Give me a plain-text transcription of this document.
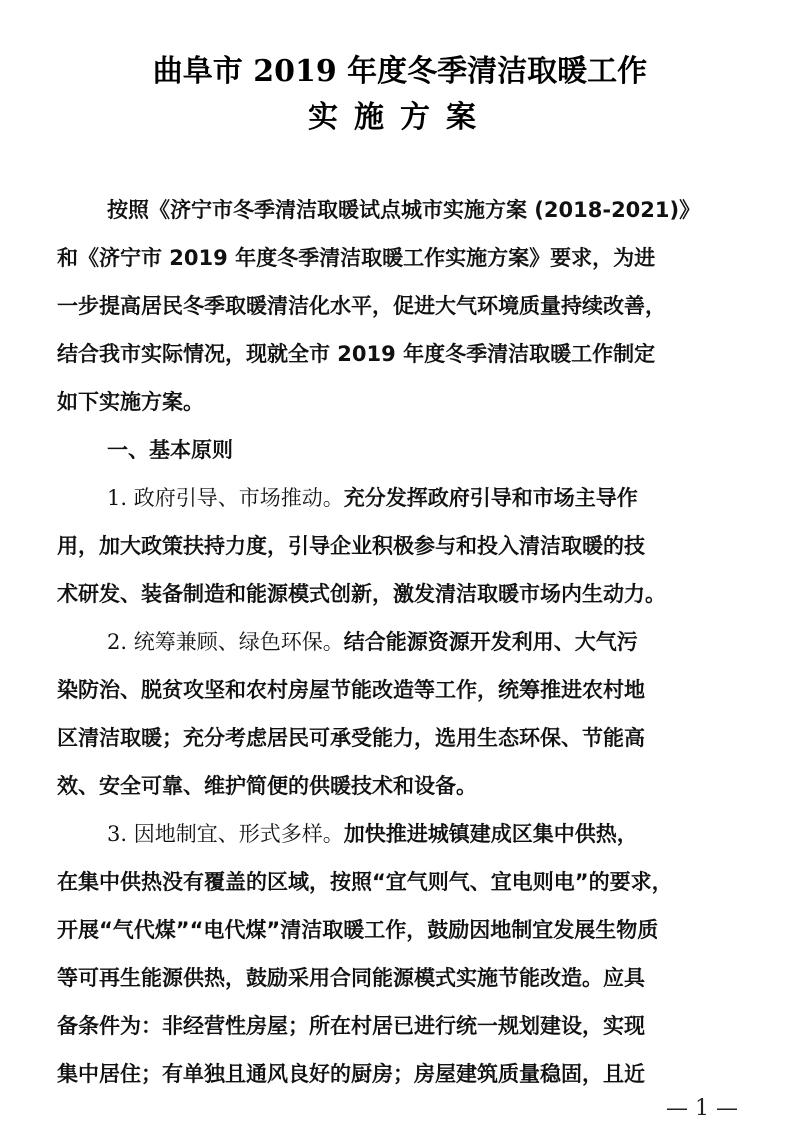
曲阜市 2019 年度冬季清洁取暖工作
实施方案
按照《济宁市冬季清洁取暖试点城市实施方案 (2018-2021)》
和《济宁市 2019 年度冬季清洁取暖工作实施方案》要求，为进
一步提高居民冬季取暖清洁化水平，促进大气环境质量持续改善，
结合我市实际情况，现就全市 2019 年度冬季清洁取暖工作制定
如下实施方案。
一、基本原则
1. 政府引导、市场推动。充分发挥政府引导和市场主导作
用，加大政策扶持力度，引导企业积极参与和投入清洁取暖的技
术研发、装备制造和能源模式创新，激发清洁取暖市场内生动力。
2. 统筹兼顾、绿色环保。结合能源资源开发利用、大气污
染防治、脱贫攻坚和农村房屋节能改造等工作，统筹推进农村地
区清洁取暖；充分考虑居民可承受能力，选用生态环保、节能高
效、安全可靠、维护简便的供暖技术和设备。
3. 因地制宜、形式多样。加快推进城镇建成区集中供热，
在集中供热没有覆盖的区域，按照“宜气则气、宜电则电”的要求，
开展“气代煤”“电代煤”清洁取暖工作，鼓励因地制宜发展生物质
等可再生能源供热，鼓励采用合同能源模式实施节能改造。应具
备条件为：非经营性房屋；所在村居已进行统一规划建设，实现
集中居住；有单独且通风良好的厨房；房屋建筑质量稳固，且近
— 1 —
